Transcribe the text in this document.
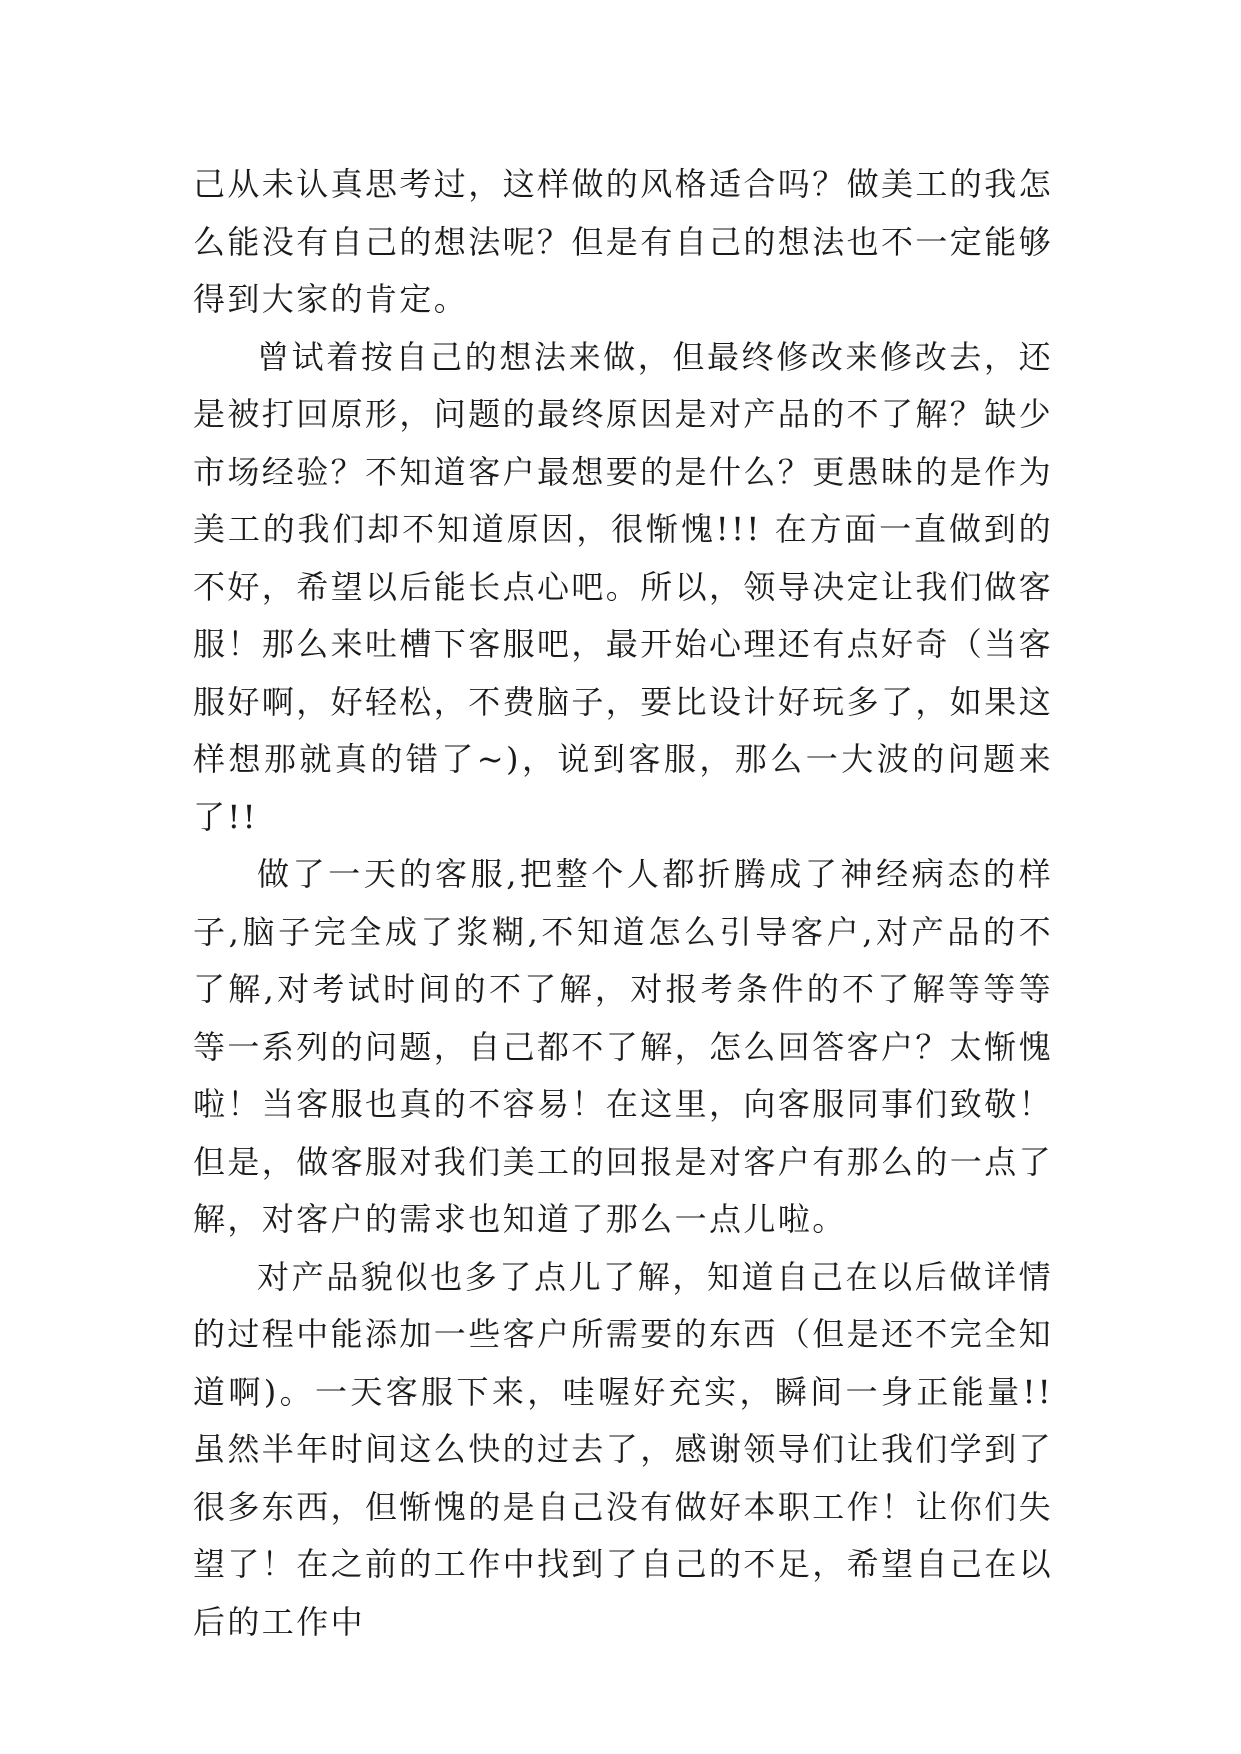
己从未认真思考过，这样做的风格适合吗？做美工的我怎么能没有自己的想法呢？但是有自己的想法也不一定能够得到大家的肯定。

曾试着按自己的想法来做，但最终修改来修改去，还是被打回原形，问题的最终原因是对产品的不了解？缺少市场经验？不知道客户最想要的是什么？更愚昧的是作为美工的我们却不知道原因，很惭愧!!! 在方面一直做到的不好，希望以后能长点心吧。所以，领导决定让我们做客服！那么来吐槽下客服吧，最开始心理还有点好奇（当客服好啊，好轻松，不费脑子，要比设计好玩多了，如果这样想那就真的错了~)，说到客服，那么一大波的问题来了!!

做了一天的客服,把整个人都折腾成了神经病态的样子,脑子完全成了浆糊,不知道怎么引导客户,对产品的不了解,对考试时间的不了解，对报考条件的不了解等等等等一系列的问题，自己都不了解，怎么回答客户？太惭愧啦！当客服也真的不容易！在这里，向客服同事们致敬！但是，做客服对我们美工的回报是对客户有那么的一点了解，对客户的需求也知道了那么一点儿啦。

对产品貌似也多了点儿了解，知道自己在以后做详情的过程中能添加一些客户所需要的东西（但是还不完全知道啊)。一天客服下来，哇喔好充实，瞬间一身正能量!! 虽然半年时间这么快的过去了，感谢领导们让我们学到了很多东西，但惭愧的是自己没有做好本职工作！让你们失望了！在之前的工作中找到了自己的不足，希望自己在以后的工作中
